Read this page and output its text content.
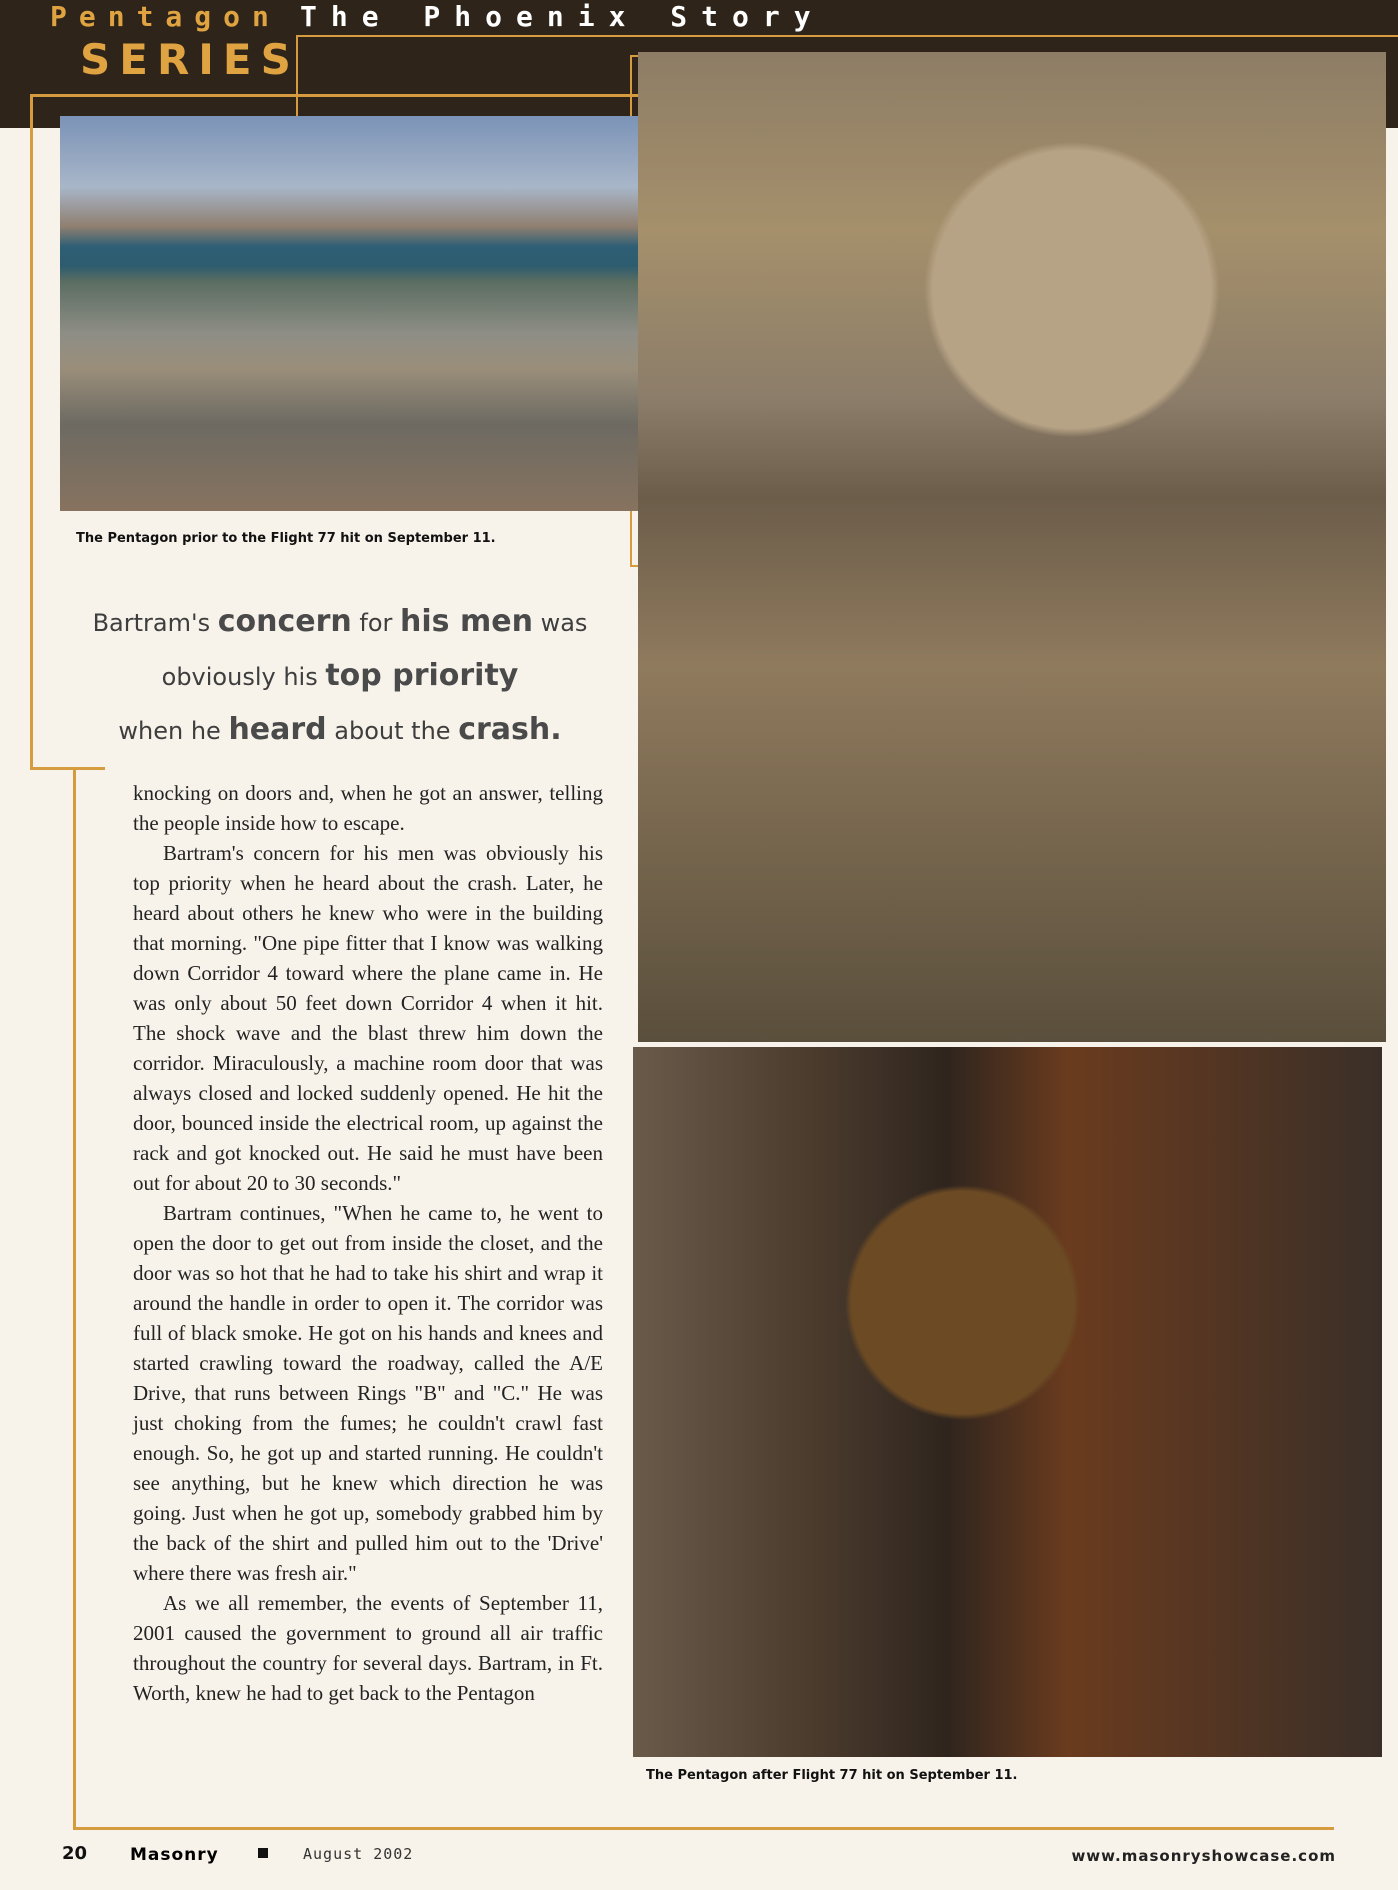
Pentagon The Phoenix Story
SERIES
The Pentagon prior to the Flight 77 hit on September 11.
The Pentagon after Flight 77 hit on September 11.
Bartram's concern for his men was
obviously his top priority
when he heard about the crash.

knocking on doors and, when he got an answer, telling the people inside how to escape.

Bartram's concern for his men was obviously his top priority when he heard about the crash. Later, he heard about others he knew who were in the building that morning. "One pipe fitter that I know was walking down Corridor 4 toward where the plane came in. He was only about 50 feet down Corridor 4 when it hit. The shock wave and the blast threw him down the corridor. Miraculously, a machine room door that was always closed and locked suddenly opened. He hit the door, bounced inside the electrical room, up against the rack and got knocked out. He said he must have been out for about 20 to 30 seconds."

Bartram continues, "When he came to, he went to open the door to get out from inside the closet, and the door was so hot that he had to take his shirt and wrap it around the handle in order to open it. The corridor was full of black smoke. He got on his hands and knees and started crawling toward the roadway, called the A/E Drive, that runs between Rings "B" and "C." He was just choking from the fumes; he couldn't crawl fast enough. So, he got up and started running. He couldn't see anything, but he knew which direction he was going. Just when he got up, somebody grabbed him by the back of the shirt and pulled him out to the 'Drive' where there was fresh air."

As we all remember, the events of September 11, 2001 caused the government to ground all air traffic throughout the country for several days. Bartram, in Ft. Worth, knew he had to get back to the Pentagon

20	Masonry	August 2002	www.masonryshowcase.com
